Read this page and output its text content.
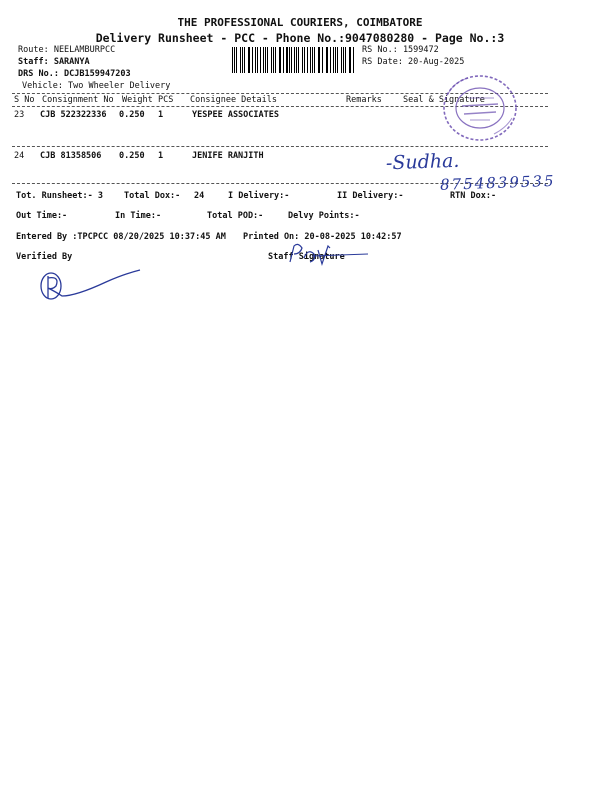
THE PROFESSIONAL COURIERS, COIMBATORE
Delivery Runsheet - PCC - Phone No.:9047080280 - Page No.:3
Route: NEELAMBURPCC
Staff: SARANYA
DRS No.: DCJB159947203
Vehicle: Two Wheeler Delivery
RS No.: 1599472
RS Date: 20-Aug-2025
S No Consignment No Weight PCS Consignee Details	Remarks Seal & Signature
23 CJB 522322336 0.250 1	YESPEE ASSOCIATES
24 CJB 81358506 0.250 1	JENIFE RANJITH
Tot. Runsheet:- 3 Total Dox:- 24	I Delivery:-	II Delivery:-	RTN Dox:-
Out Time:-	In Time:-	Total POD:-	Delvy Points:-
Entered By :TPCPCC 08/20/2025 10:37:45 AM Printed On: 20-08-2025 10:42:57
Verified By	Staff Signature
-Sudha.
8754839535
